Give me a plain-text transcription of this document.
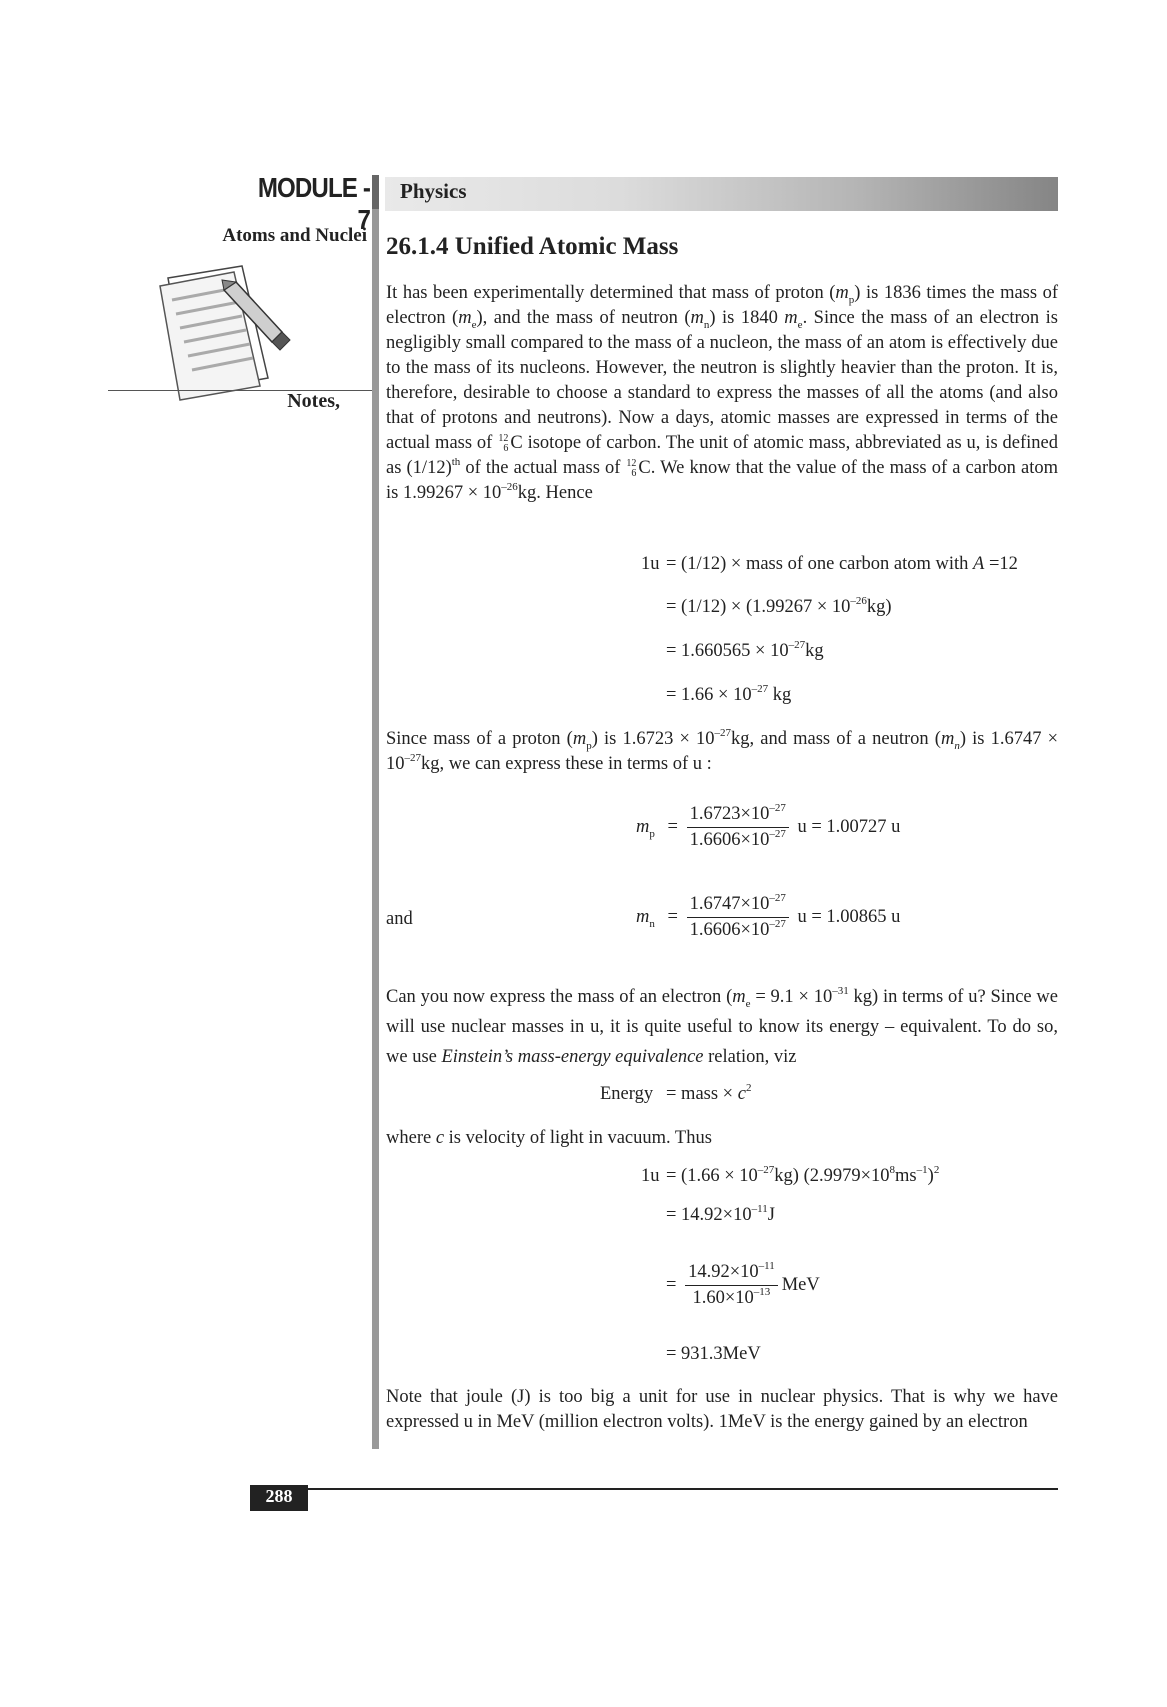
MODULE - 7
Physics
Atoms and Nuclei
Notes,
26.1.4 Unified Atomic Mass
It has been experimentally determined that mass of proton $(m_p)$ is 1836 times the mass of electron $(m_e)$, and the mass of neutron $(m_n)$ is 1840 $m_e$. Since the mass of an electron is negligibly small compared to the mass of a nucleon, the mass of an atom is effectively due to the mass of its nucleons. However, the neutron is slightly heavier than the proton. It is, therefore, desirable to choose a standard to express the masses of all the atoms (and also that of protons and neutrons). Now a days, atomic masses are expressed in terms of the actual mass of 12
6 C isotope of carbon. The unit of atomic mass, abbreviated as u, is defined as $(1/12)^{th}$ of the actual mass of 12
6 C. We know that the value of the mass of a carbon atom is $1.99267 \times 10^{-26}kg$. Hence
1u = (1/12) × mass of one carbon atom with A =12
= $(1/12) \times (1.99267 \times 10^{-26}kg)$
= $1.660565 \times 10^{-27}kg$
= $1.66 \times 10^{-27}$ kg
Since mass of a proton $(m_p)$ is $1.6723 \times 10^{-27}kg$, and mass of a neutron $(m_n)$ is $1.6747 \times 10^{-27}kg$, we can express these in terms of u :
$m_p = \frac{1.6723\times 10^{-27}}{1.6606\times 10^{-27}}$ u = 1.00727 u
and	$m_n = \frac{1.6747\times 10^{-27}}{1.6606\times 10^{-27}}$ u = 1.00865 u
Can you now express the mass of an electron ($m_e = 9.1 \times 10^{-31}$ kg) in terms of u? Since we will use nuclear masses in u, it is quite useful to know its energy – equivalent. To do so, we use Einstein’s mass-energy equivalence relation, viz
Energy = mass × $c^2$
where c is velocity of light in vacuum. Thus
$1u = (1.66 \times 10^{-27}kg)$ $(2.9979\times 10^8ms^{-1})^2$
= $14.92\times 10^{-11}J$
= $\frac{14.92\times 10^{-11}}{1.60\times 10^{-13}}$ MeV
= 931.3MeV
Note that joule (J) is too big a unit for use in nuclear physics. That is why we have expressed u in MeV (million electron volts). 1MeV is the energy gained by an electron
288
